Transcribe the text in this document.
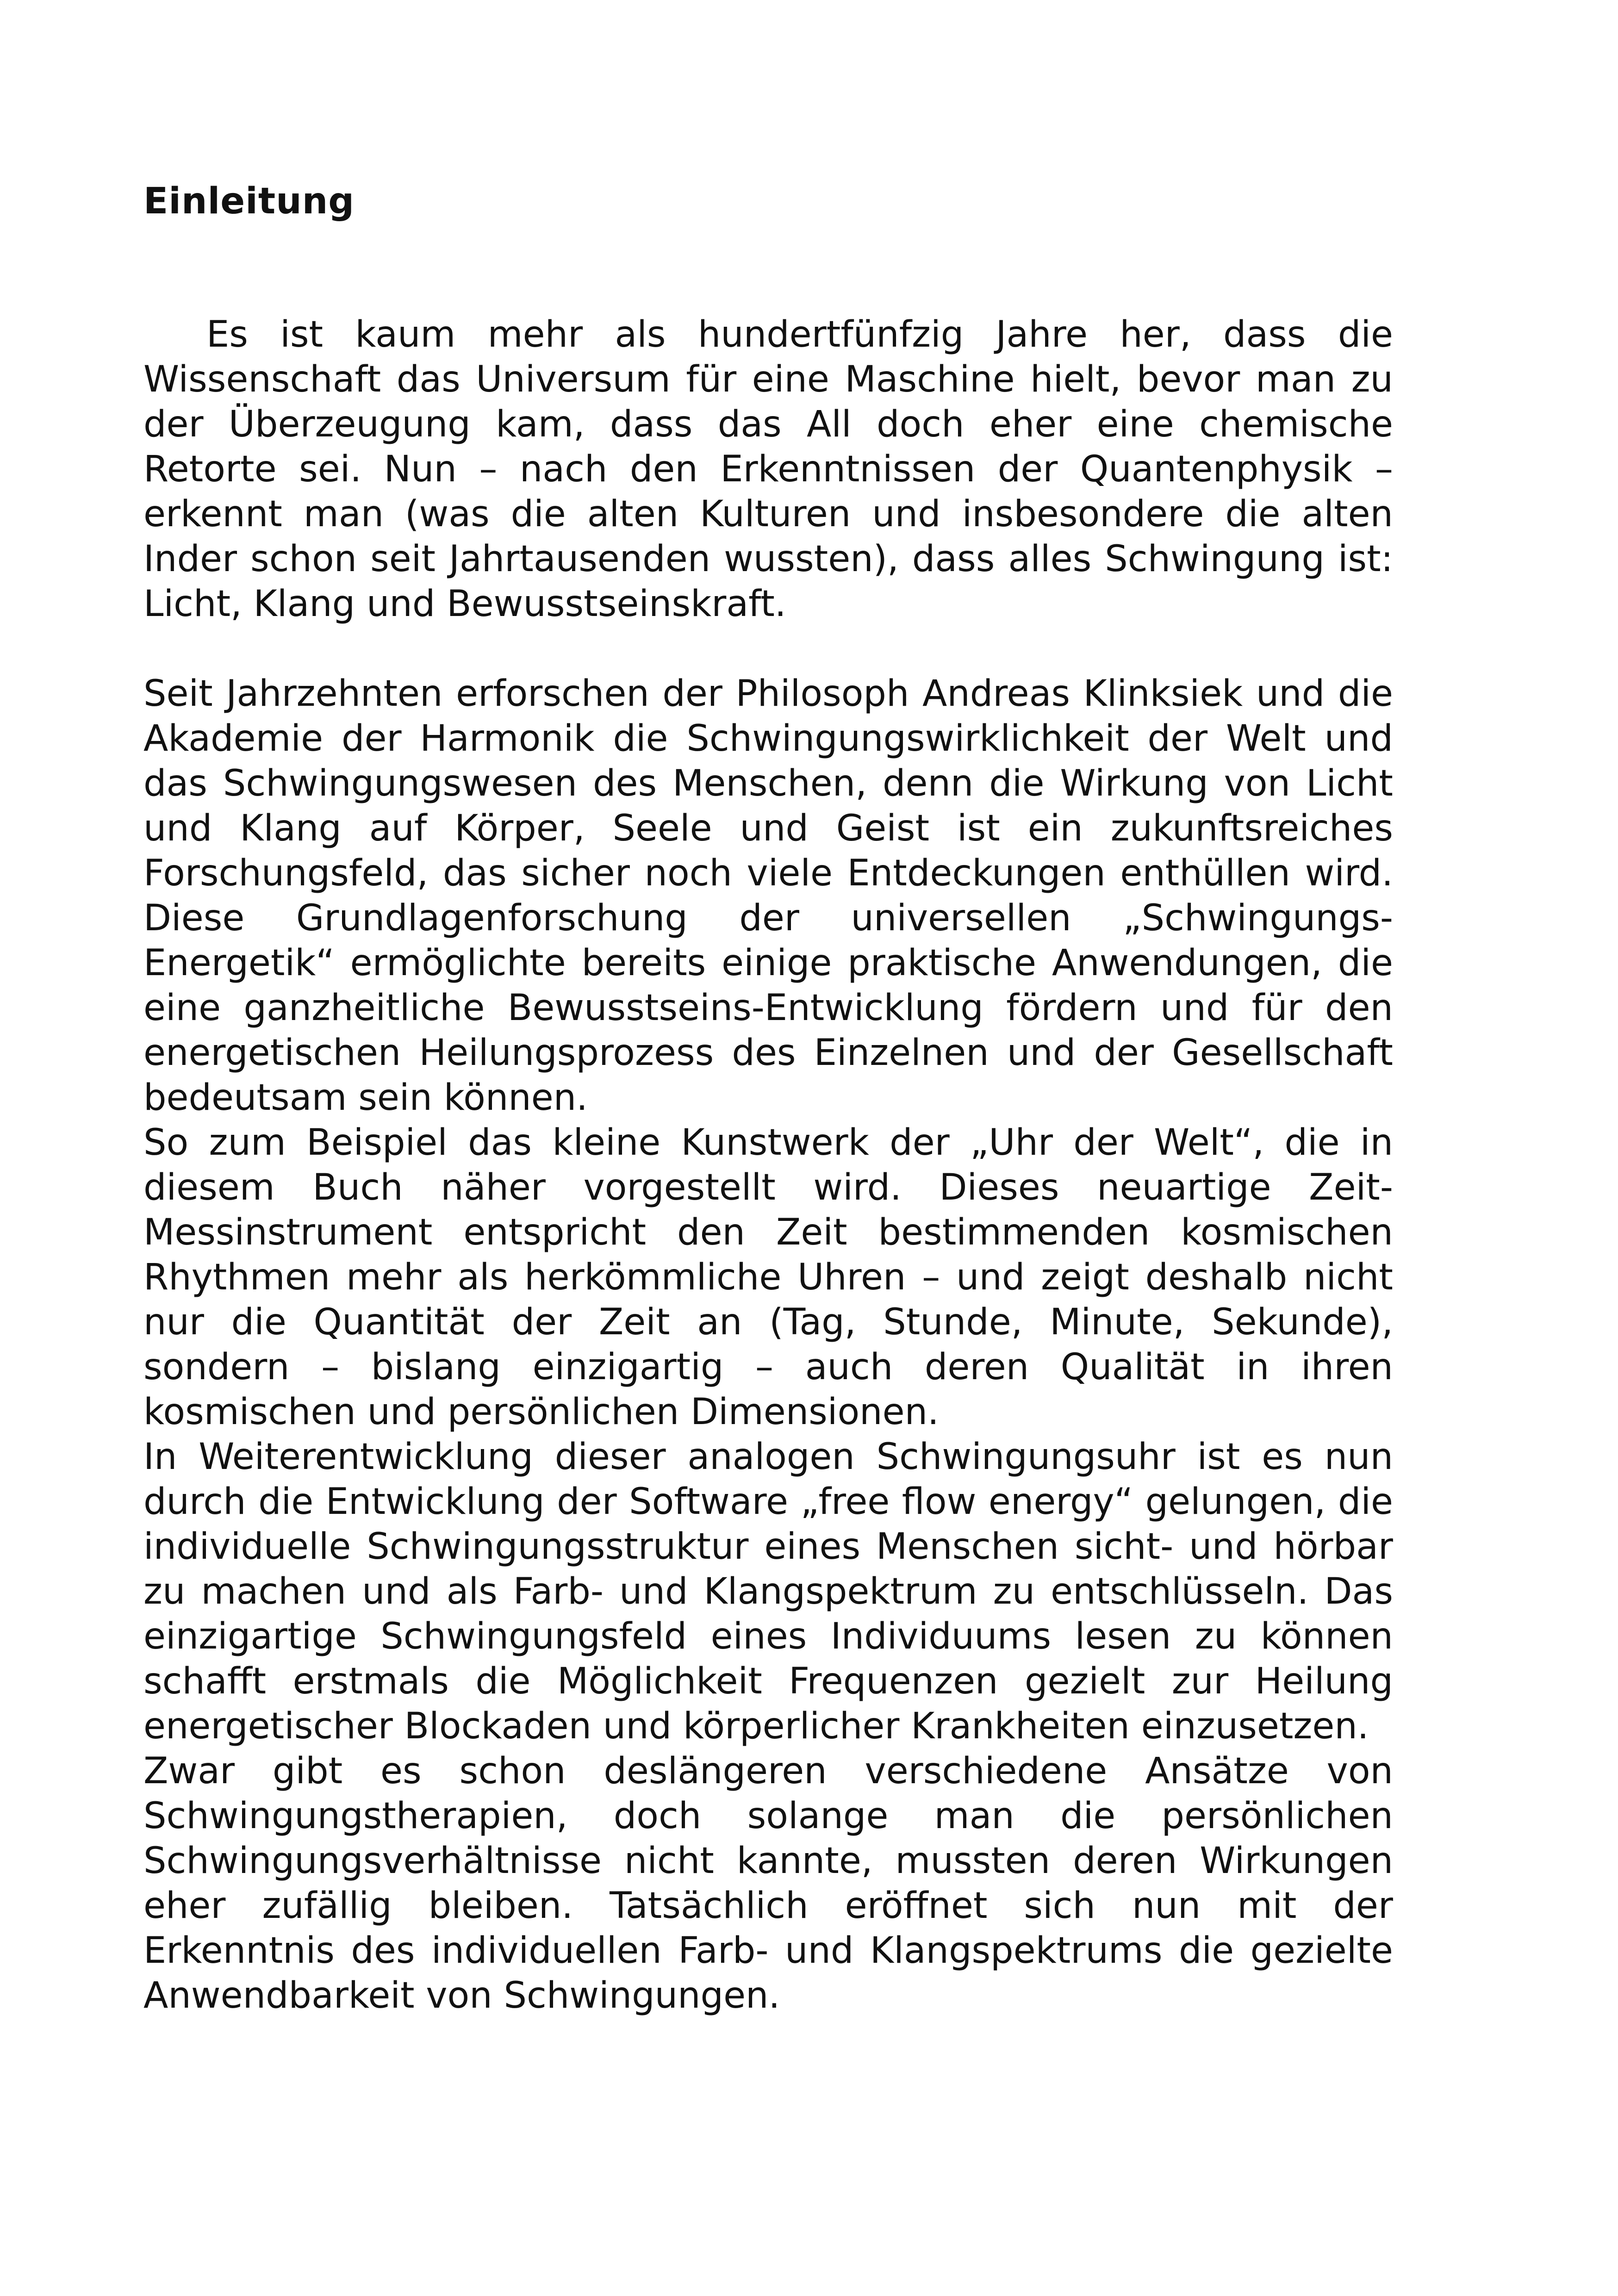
Einleitung

Es ist kaum mehr als hundertfünfzig Jahre her, dass die Wissenschaft das Universum für eine Maschine hielt, bevor man zu der Überzeugung kam, dass das All doch eher eine chemische Retorte sei. Nun – nach den Erkenntnissen der Quantenphysik – erkennt man (was die alten Kulturen und insbesondere die alten Inder schon seit Jahrtausenden wussten), dass alles Schwingung ist: Licht, Klang und Bewusstseinskraft.

Seit Jahrzehnten erforschen der Philosoph Andreas Klinksiek und die Akademie der Harmonik die Schwingungswirklichkeit der Welt und das Schwingungswesen des Menschen, denn die Wirkung von Licht und Klang auf Körper, Seele und Geist ist ein zukunftsreiches Forschungsfeld, das sicher noch viele Entdeckungen enthüllen wird. Diese Grundlagenforschung der universellen „Schwingungs-Energetik“ ermöglichte bereits einige praktische Anwendungen, die eine ganzheitliche Bewusstseins-Entwicklung fördern und für den energetischen Heilungsprozess des Einzelnen und der Gesellschaft bedeutsam sein können.

So zum Beispiel das kleine Kunstwerk der „Uhr der Welt“, die in diesem Buch näher vorgestellt wird. Dieses neuartige Zeit-Messinstrument entspricht den Zeit bestimmenden kosmischen Rhythmen mehr als herkömmliche Uhren – und zeigt deshalb nicht nur die Quantität der Zeit an (Tag, Stunde, Minute, Sekunde), sondern – bislang einzigartig – auch deren Qualität in ihren kosmischen und persönlichen Dimensionen.

In Weiterentwicklung dieser analogen Schwingungsuhr ist es nun durch die Entwicklung der Software „free flow energy“ gelungen, die individuelle Schwingungsstruktur eines Menschen sicht- und hörbar zu machen und als Farb- und Klangspektrum zu entschlüsseln. Das einzigartige Schwingungsfeld eines Individuums lesen zu können schafft erstmals die Möglichkeit Frequenzen gezielt zur Heilung energetischer Blockaden und körperlicher Krankheiten einzusetzen.

Zwar gibt es schon deslängeren verschiedene Ansätze von Schwingungstherapien, doch solange man die persönlichen Schwingungsverhältnisse nicht kannte, mussten deren Wirkungen eher zufällig bleiben. Tatsächlich eröffnet sich nun mit der Erkenntnis des individuellen Farb- und Klangspektrums die gezielte Anwendbarkeit von Schwingungen.
